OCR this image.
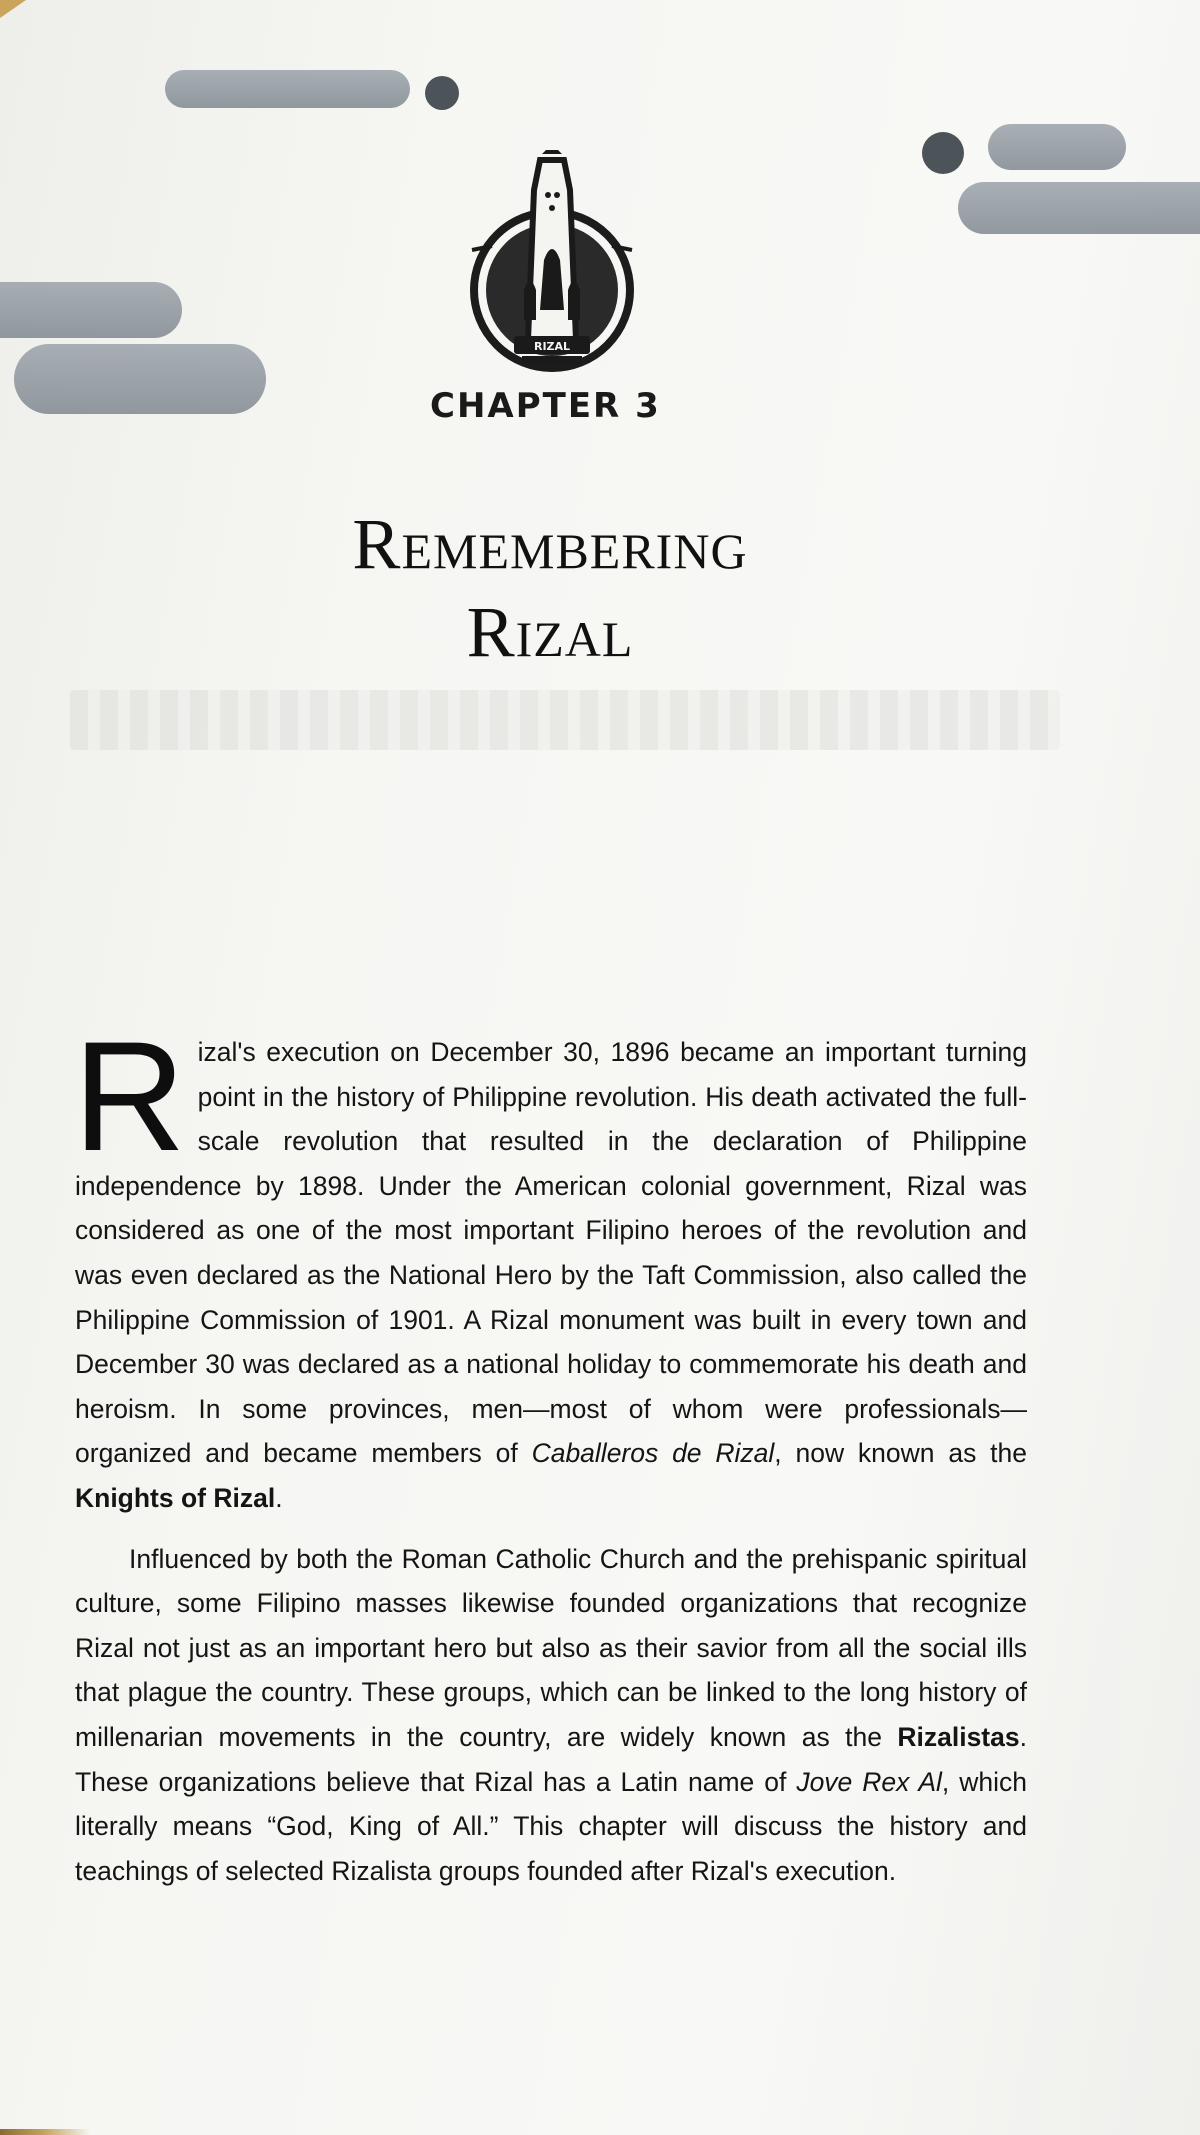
RIZAL
CHAPTER 3
Remembering
Rizal

Rizal's execution on December 30, 1896 became an important turning point in the history of Philippine revolution. His death activated the full-scale revolution that resulted in the declaration of Philippine independence by 1898. Under the American colonial government, Rizal was considered as one of the most important Filipino heroes of the revolution and was even declared as the National Hero by the Taft Commission, also called the Philippine Commission of 1901. A Rizal monument was built in every town and December 30 was declared as a national holiday to commemorate his death and heroism. In some provinces, men—most of whom were professionals—organized and became members of Caballeros de Rizal, now known as the Knights of Rizal.

Influenced by both the Roman Catholic Church and the prehispanic spiritual culture, some Filipino masses likewise founded organizations that recognize Rizal not just as an important hero but also as their savior from all the social ills that plague the country. These groups, which can be linked to the long history of millenarian movements in the country, are widely known as the Rizalistas. These organizations believe that Rizal has a Latin name of Jove Rex Al, which literally means “God, King of All.” This chapter will discuss the history and teachings of selected Rizalista groups founded after Rizal's execution.
